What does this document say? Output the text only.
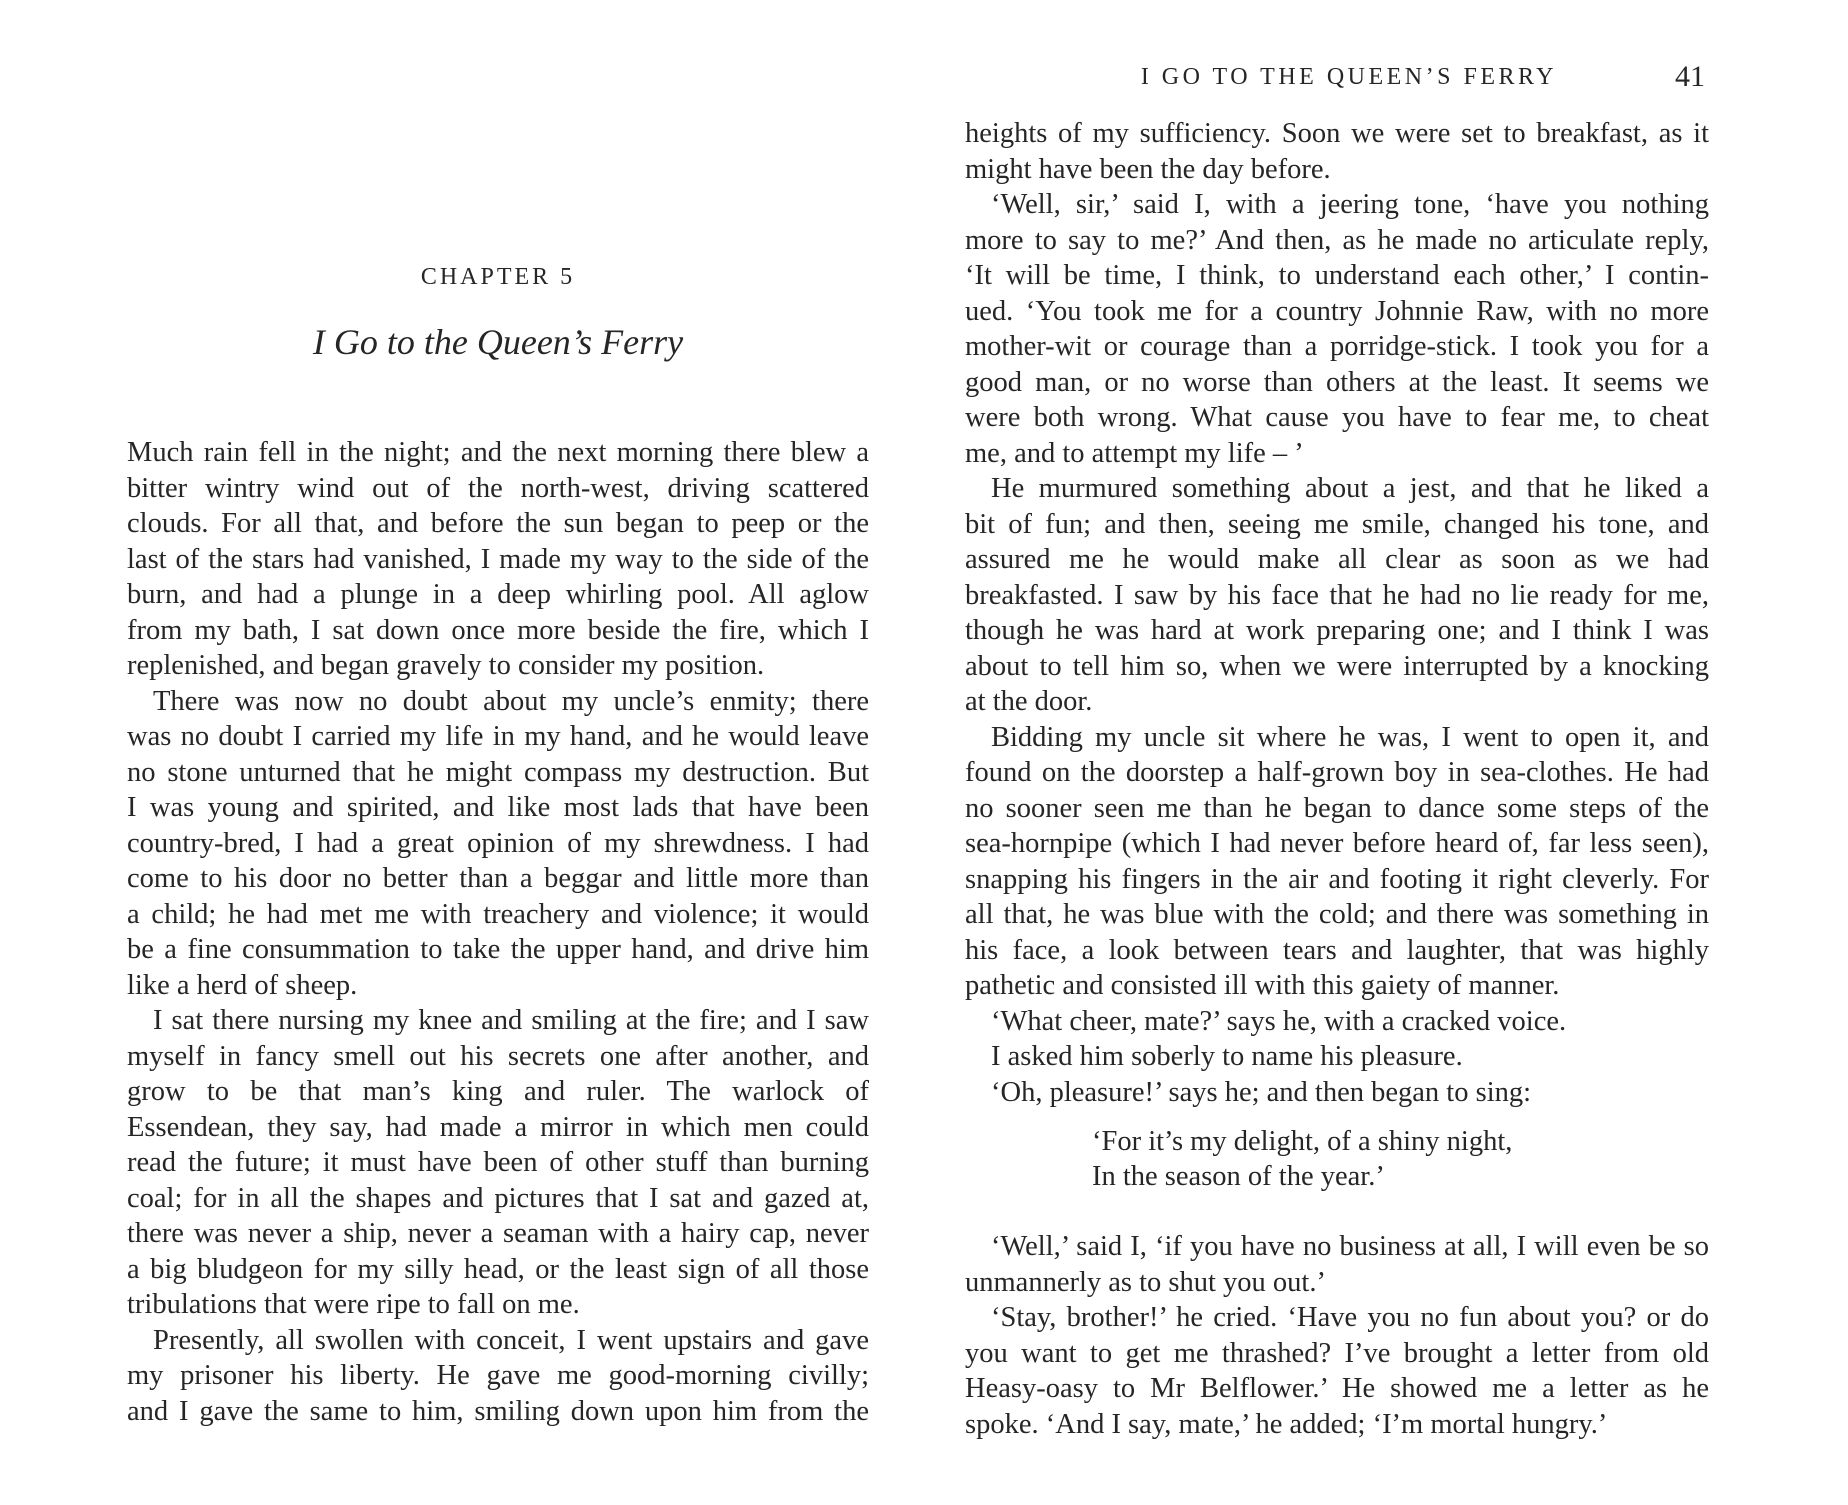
CHAPTER 5
I Go to the Queen’s Ferry
Much rain fell in the night; and the next morning there blew a
bitter wintry wind out of the north-west, driving scattered
clouds. For all that, and before the sun began to peep or the
last of the stars had vanished, I made my way to the side of the
burn, and had a plunge in a deep whirling pool. All aglow
from my bath, I sat down once more beside the fire, which I
replenished, and began gravely to consider my position.
There was now no doubt about my uncle’s enmity; there
was no doubt I carried my life in my hand, and he would leave
no stone unturned that he might compass my destruction. But
I was young and spirited, and like most lads that have been
country-bred, I had a great opinion of my shrewdness. I had
come to his door no better than a beggar and little more than
a child; he had met me with treachery and violence; it would
be a fine consummation to take the upper hand, and drive him
like a herd of sheep.
I sat there nursing my knee and smiling at the fire; and I saw
myself in fancy smell out his secrets one after another, and
grow to be that man’s king and ruler. The warlock of
Essendean, they say, had made a mirror in which men could
read the future; it must have been of other stuff than burning
coal; for in all the shapes and pictures that I sat and gazed at,
there was never a ship, never a seaman with a hairy cap, never
a big bludgeon for my silly head, or the least sign of all those
tribulations that were ripe to fall on me.
Presently, all swollen with conceit, I went upstairs and gave
my prisoner his liberty. He gave me good-morning civilly;
and I gave the same to him, smiling down upon him from the
I GO TO THE QUEEN’S FERRY	41
heights of my sufficiency. Soon we were set to breakfast, as it
might have been the day before.
‘Well, sir,’ said I, with a jeering tone, ‘have you nothing
more to say to me?’ And then, as he made no articulate reply,
‘It will be time, I think, to understand each other,’ I contin-
ued. ‘You took me for a country Johnnie Raw, with no more
mother-wit or courage than a porridge-stick. I took you for a
good man, or no worse than others at the least. It seems we
were both wrong. What cause you have to fear me, to cheat
me, and to attempt my life – ’
He murmured something about a jest, and that he liked a
bit of fun; and then, seeing me smile, changed his tone, and
assured me he would make all clear as soon as we had
breakfasted. I saw by his face that he had no lie ready for me,
though he was hard at work preparing one; and I think I was
about to tell him so, when we were interrupted by a knocking
at the door.
Bidding my uncle sit where he was, I went to open it, and
found on the doorstep a half-grown boy in sea-clothes. He had
no sooner seen me than he began to dance some steps of the
sea-hornpipe (which I had never before heard of, far less seen),
snapping his fingers in the air and footing it right cleverly. For
all that, he was blue with the cold; and there was something in
his face, a look between tears and laughter, that was highly
pathetic and consisted ill with this gaiety of manner.
‘What cheer, mate?’ says he, with a cracked voice.
I asked him soberly to name his pleasure.
‘Oh, pleasure!’ says he; and then began to sing:
‘For it’s my delight, of a shiny night,
In the season of the year.’
‘Well,’ said I, ‘if you have no business at all, I will even be so
unmannerly as to shut you out.’
‘Stay, brother!’ he cried. ‘Have you no fun about you? or do
you want to get me thrashed? I’ve brought a letter from old
Heasy-oasy to Mr Belflower.’ He showed me a letter as he
spoke. ‘And I say, mate,’ he added; ‘I’m mortal hungry.’
